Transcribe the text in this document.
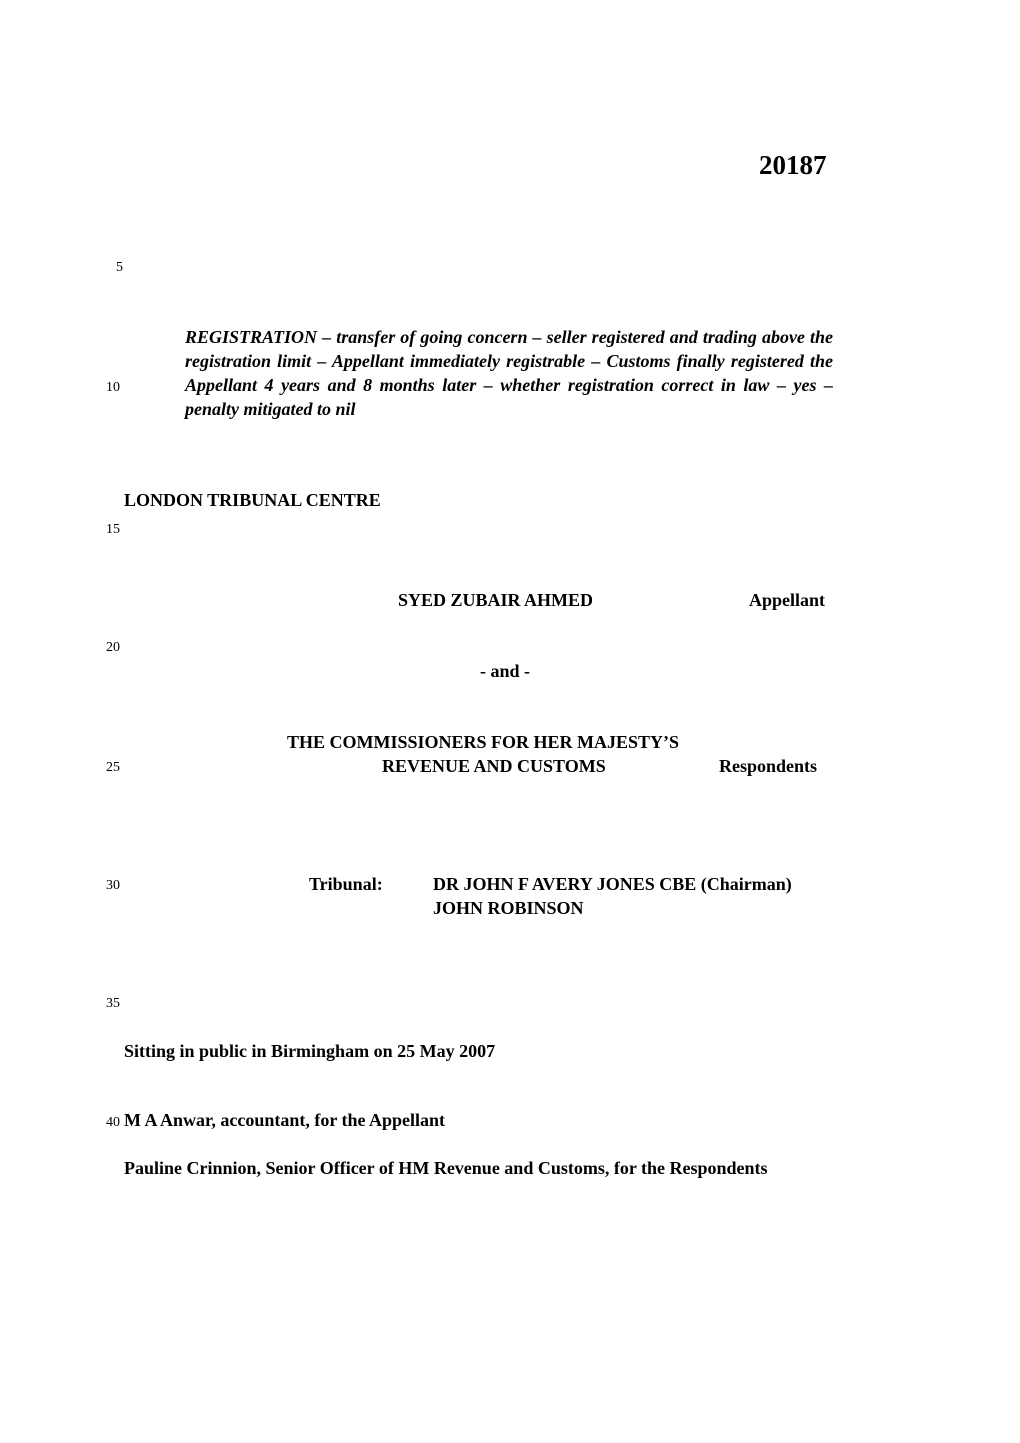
20187
5
REGISTRATION – transfer of going concern – seller registered and trading above the registration limit – Appellant immediately registrable – Customs finally registered the Appellant 4 years and 8 months later – whether registration correct in law – yes – penalty mitigated to nil
10
LONDON TRIBUNAL CENTRE
15
SYED ZUBAIR AHMED	Appellant
20
- and -
THE COMMISSIONERS FOR HER MAJESTY’S
25	REVENUE AND CUSTOMS	Respondents
30	Tribunal:	DR JOHN F AVERY JONES CBE (Chairman)
JOHN ROBINSON
35
Sitting in public in Birmingham on 25 May 2007
40 M A Anwar, accountant, for the Appellant
Pauline Crinnion, Senior Officer of HM Revenue and Customs, for the Respondents
